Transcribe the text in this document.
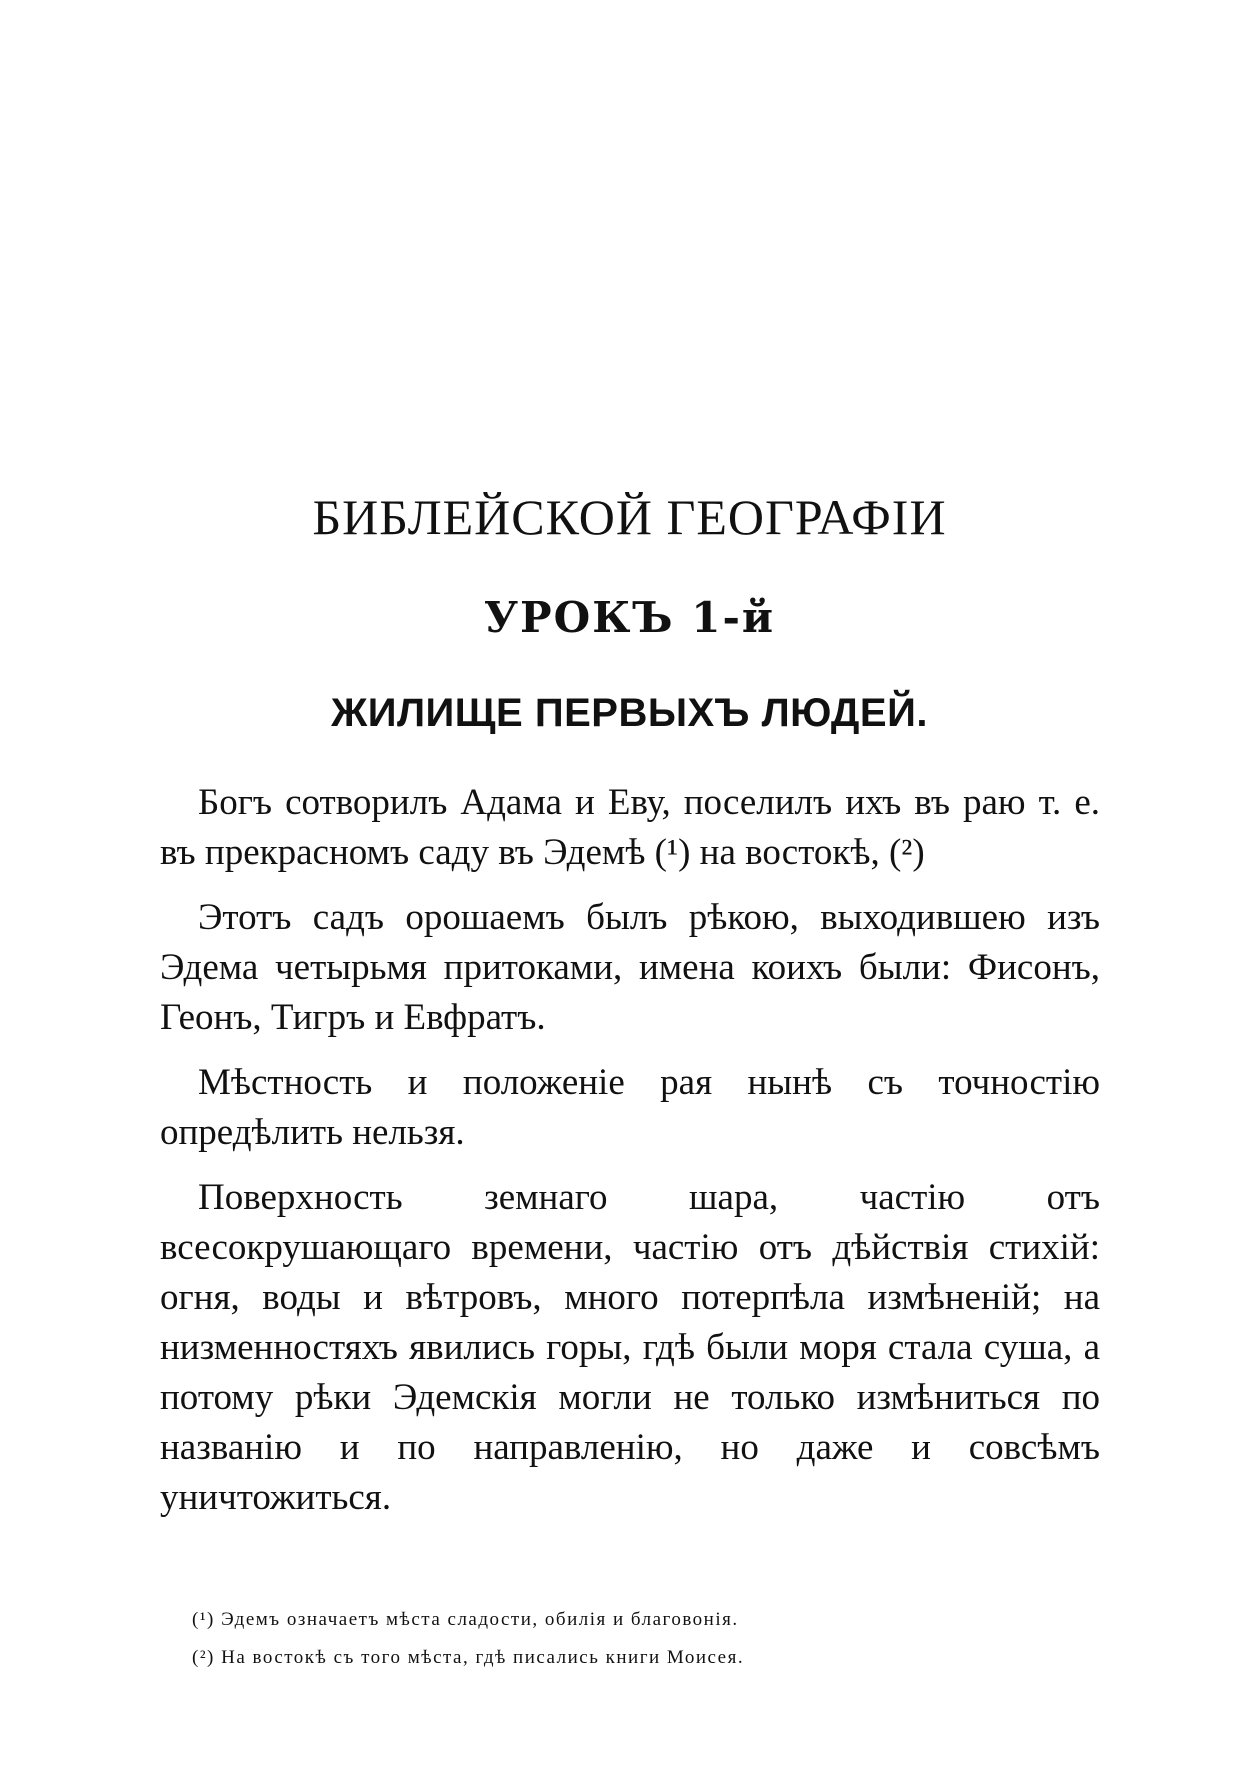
БИБЛЕЙСКОЙ ГЕОГРАФІИ
УРОКЪ 1-й
ЖИЛИЩЕ ПЕРВЫХЪ ЛЮДЕЙ.

Богъ сотворилъ Адама и Еву, поселилъ ихъ въ раю т. е. въ прекрасномъ саду въ Эдемѣ (¹) на востокѣ, (²)

Этотъ садъ орошаемъ былъ рѣкою, выходившею изъ Эдема четырьмя притоками, имена коихъ были: Фисонъ, Геонъ, Тигръ и Евфратъ.

Мѣстность и положеніе рая нынѣ съ точностію опредѣлить нельзя.

Поверхность земнаго шара, частію отъ всесокрушающаго времени, частію отъ дѣйствія стихій: огня, воды и вѣтровъ, много потерпѣла измѣненій; на низменностяхъ явились горы, гдѣ были моря стала суша, а потому рѣки Эдемскія могли не только измѣниться по названію и по направленію, но даже и совсѣмъ уничтожиться.

(¹) Эдемъ означаетъ мѣста сладости, обилія и благовонія.

(²) На востокѣ съ того мѣста, гдѣ писались книги Моисея.
